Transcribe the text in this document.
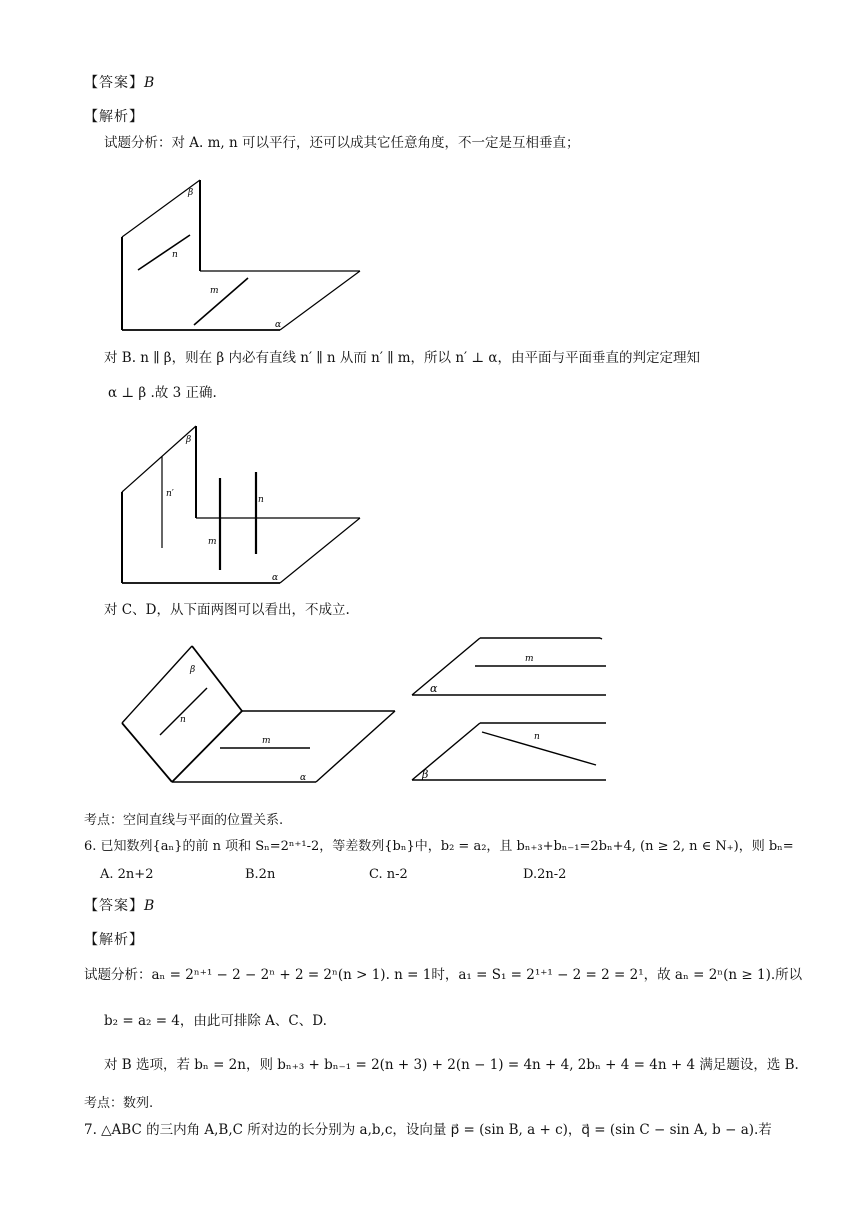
【答案】B
【解析】
试题分析：对 A. m, n 可以平行，还可以成其它任意角度，不一定是互相垂直；
β
n
m
α
对 B. n ∥ β，则在 β 内必有直线 n′ ∥ n 从而 n′ ∥ m，所以 n′ ⊥ α，由平面与平面垂直的判定定理知
α ⊥ β .故 3 正确.
β
n′
m
n
α
对 C、D，从下面两图可以看出，不成立.
β
n
m
α
m
α
n
β
考点：空间直线与平面的位置关系.
6. 已知数列{aₙ}的前 n 项和 Sₙ=2ⁿ⁺¹-2，等差数列{bₙ}中，b₂ = a₂，且 bₙ₊₃+bₙ₋₁=2bₙ+4, (n ≥ 2, n ∈ N₊)，则 bₙ=
A. 2n+2	B.2n	C. n-2	D.2n-2
【答案】B
【解析】
试题分析：aₙ = 2ⁿ⁺¹ − 2 − 2ⁿ + 2 = 2ⁿ(n > 1). n = 1时，a₁ = S₁ = 2¹⁺¹ − 2 = 2 = 2¹，故 aₙ = 2ⁿ(n ≥ 1).所以
b₂ = a₂ = 4，由此可排除 A、C、D.
对 B 选项，若 bₙ = 2n，则 bₙ₊₃ + bₙ₋₁ = 2(n + 3) + 2(n − 1) = 4n + 4, 2bₙ + 4 = 4n + 4 满足题设，选 B.
考点：数列.
7. △ABC 的三内角 A,B,C 所对边的长分别为 a,b,c，设向量 p⃗ = (sin B, a + c)，q⃗ = (sin C − sin A, b − a).若
